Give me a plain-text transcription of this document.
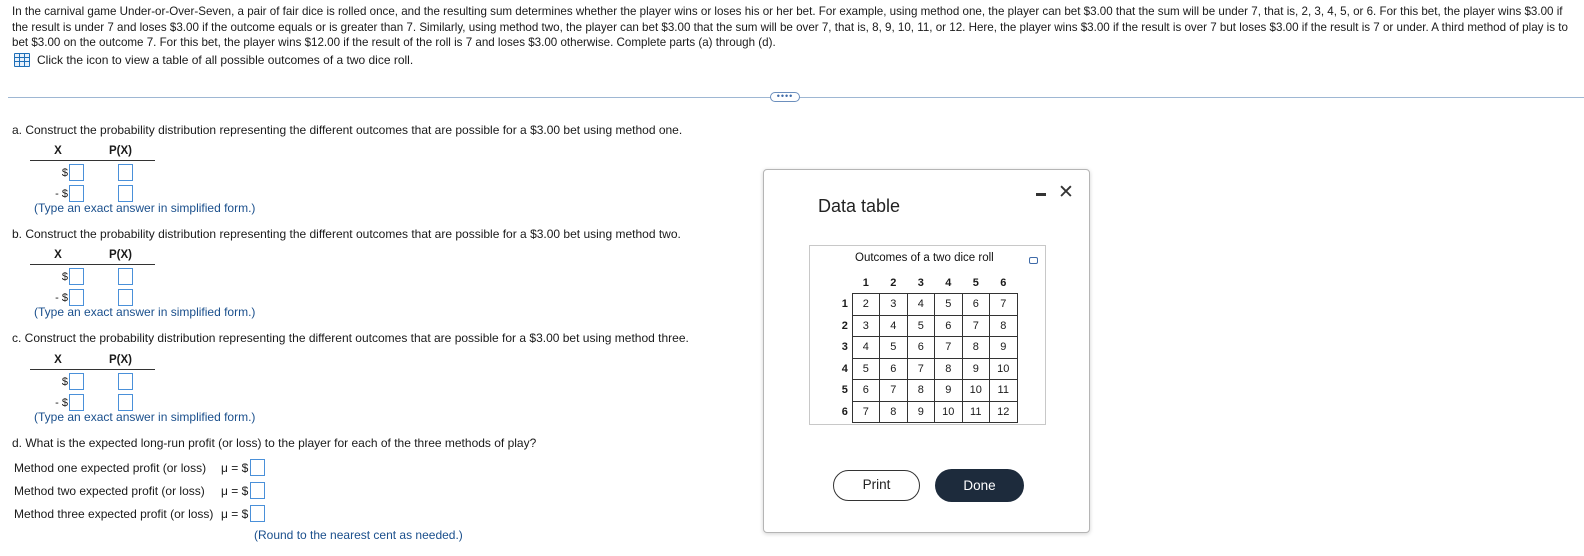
In the carnival game Under-or-Over-Seven, a pair of fair dice is rolled once, and the resulting sum determines whether the player wins or loses his or her bet. For example, using method one, the player can bet $3.00 that the sum will be under 7, that is, 2, 3, 4, 5, or 6. For this bet, the player wins $3.00 if the result is under 7 and loses $3.00 if the outcome equals or is greater than 7. Similarly, using method two, the player can bet $3.00 that the sum will be over 7, that is, 8, 9, 10, 11, or 12. Here, the player wins $3.00 if the result is over 7 but loses $3.00 if the result is 7 or under. A third method of play is to bet $3.00 on the outcome 7. For this bet, the player wins $12.00 if the result of the roll is 7 and loses $3.00 otherwise. Complete parts (a) through (d).
Click the icon to view a table of all possible outcomes of a two dice roll.
••••
a. Construct the probability distribution representing the different outcomes that are possible for a $3.00 bet using method one.
X	P(X)
$
- $
(Type an exact answer in simplified form.)
b. Construct the probability distribution representing the different outcomes that are possible for a $3.00 bet using method two.
X	P(X)
$
- $
(Type an exact answer in simplified form.)
c. Construct the probability distribution representing the different outcomes that are possible for a $3.00 bet using method three.
X	P(X)
$
- $
(Type an exact answer in simplified form.)
d. What is the expected long-run profit (or loss) to the player for each of the three methods of play?
Method one expected profit (or loss)	μ = $
Method two expected profit (or loss)	μ = $
Method three expected profit (or loss) μ = $
(Round to the nearest cent as needed.)
Data table
✕
Outcomes of a two dice roll
	1	2	3	4	5	6
1	2	3	4	5	6	7
2	3	4	5	6	7	8
3	4	5	6	7	8	9
4	5	6	7	8	9	10
5	6	7	8	9	10	11
6	7	8	9	10	11	12
Print	Done
